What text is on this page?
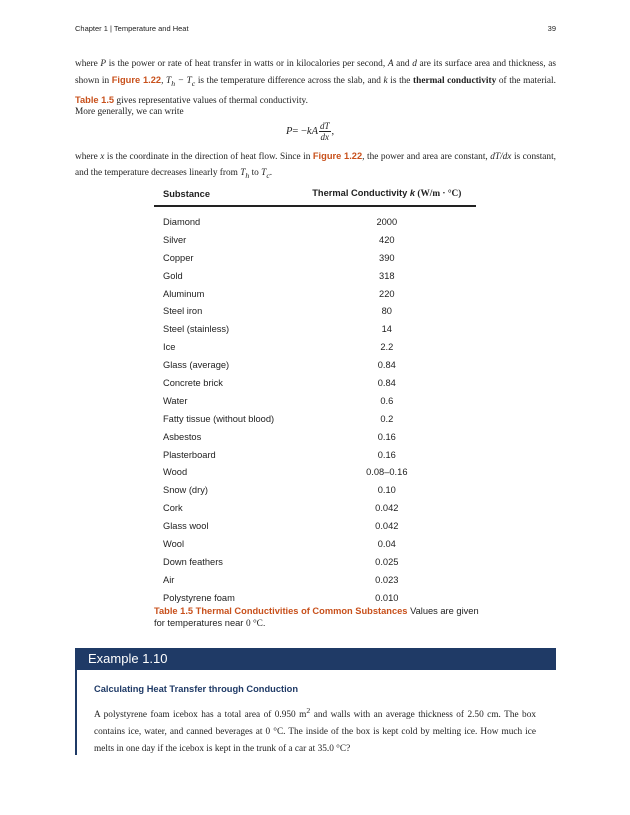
Chapter 1 | Temperature and Heat	39
where P is the power or rate of heat transfer in watts or in kilocalories per second, A and d are its surface area and thickness, as shown in Figure 1.22, $T_h - T_c$ is the temperature difference across the slab, and k is the thermal conductivity of the material. Table 1.5 gives representative values of thermal conductivity.
More generally, we can write
P = − k A $\frac{dT}{dx}$ ,
where x is the coordinate in the direction of heat flow. Since in Figure 1.22, the power and area are constant, dT/dx is constant, and the temperature decreases linearly from $T_h$ to $T_c$.
Substance	Thermal Conductivity k (W/m · °C)
Diamond	2000
Silver	420
Copper	390
Gold	318
Aluminum	220
Steel iron	80
Steel (stainless)	14
Ice	2.2
Glass (average)	0.84
Concrete brick	0.84
Water	0.6
Fatty tissue (without blood)	0.2
Asbestos	0.16
Plasterboard	0.16
Wood	0.08–0.16
Snow (dry)	0.10
Cork	0.042
Glass wool	0.042
Wool	0.04
Down feathers	0.025
Air	0.023
Polystyrene foam	0.010
Table 1.5 Thermal Conductivities of Common Substances Values are given for temperatures near 0 °C.
Example 1.10
Calculating Heat Transfer through Conduction
A polystyrene foam icebox has a total area of 0.950 $m^2$ and walls with an average thickness of 2.50 cm. The box contains ice, water, and canned beverages at 0 °C. The inside of the box is kept cold by melting ice. How much ice melts in one day if the icebox is kept in the trunk of a car at 35.0 °C?
